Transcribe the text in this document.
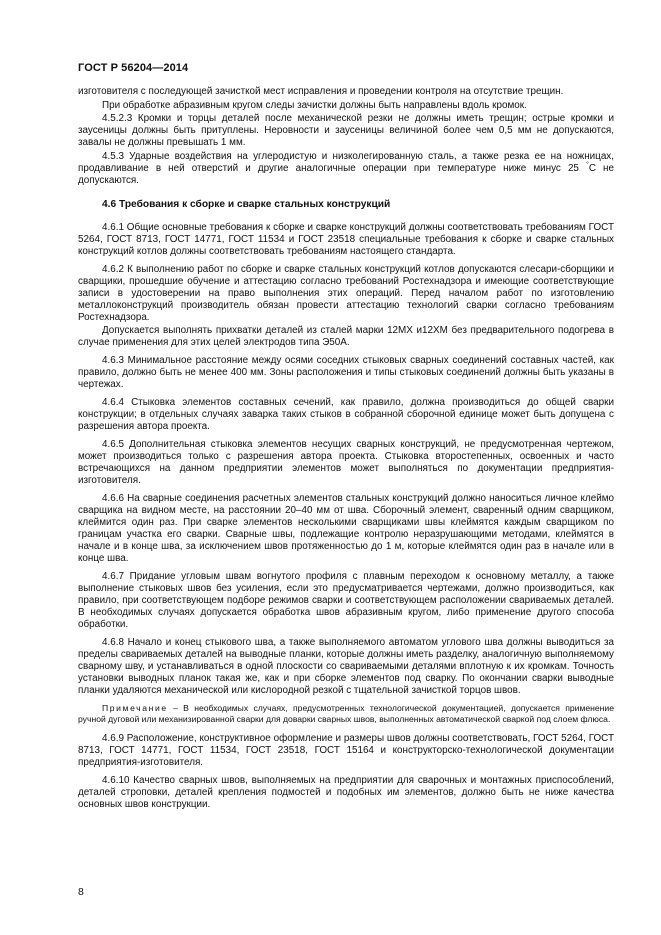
ГОСТ Р 56204—2014

изготовителя с последующей зачисткой мест исправления и проведении контроля на отсутствие трещин.

При обработке абразивным кругом следы зачистки должны быть направлены вдоль кромок.

4.5.2.3 Кромки и торцы деталей после механической резки не должны иметь трещин; острые кромки и заусеницы должны быть притуплены. Неровности и заусеницы величиной более чем 0,5 мм не допускаются, завалы не должны превышать 1 мм.

4.5.3 Ударные воздействия на углеродистую и низколегированную сталь, а также резка ее на ножницах, продавливание в ней отверстий и другие аналогичные операции при температуре ниже минус 25 °С не допускаются.

4.6 Требования к сборке и сварке стальных конструкций

4.6.1 Общие основные требования к сборке и сварке конструкций должны соответствовать требованиям ГОСТ 5264, ГОСТ 8713, ГОСТ 14771, ГОСТ 11534 и ГОСТ 23518 специальные требования к сборке и сварке стальных конструкций котлов должны соответствовать требованиям настоящего стандарта.

4.6.2 К выполнению работ по сборке и сварке стальных конструкций котлов допускаются слесари-сборщики и сварщики, прошедшие обучение и аттестацию согласно требований Ростехнадзора и имеющие соответствующие записи в удостоверении на право выполнения этих операций. Перед началом работ по изготовлению металлоконструкций производитель обязан провести аттестацию технологий сварки согласно требованиям Ростехнадзора.

Допускается выполнять прихватки деталей из сталей марки 12МХ и12ХМ без предварительного подогрева в случае применения для этих целей электродов типа Э50А.

4.6.3 Минимальное расстояние между осями соседних стыковых сварных соединений составных частей, как правило, должно быть не менее 400 мм. Зоны расположения и типы стыковых соединений должны быть указаны в чертежах.

4.6.4 Стыковка элементов составных сечений, как правило, должна производиться до общей сварки конструкции; в отдельных случаях заварка таких стыков в собранной сборочной единице может быть допущена с разрешения автора проекта.

4.6.5 Дополнительная стыковка элементов несущих сварных конструкций, не предусмотренная чертежом, может производиться только с разрешения автора проекта. Стыковка второстепенных, освоенных и часто встречающихся на данном предприятии элементов может выполняться по документации предприятия-изготовителя.

4.6.6 На сварные соединения расчетных элементов стальных конструкций должно наноситься личное клеймо сварщика на видном месте, на расстоянии 20–40 мм от шва. Сборочный элемент, сваренный одним сварщиком, клеймится один раз. При сварке элементов несколькими сварщиками швы клеймятся каждым сварщиком по границам участка его сварки. Сварные швы, подлежащие контролю неразрушающими методами, клеймятся в начале и в конце шва, за исключением швов протяженностью до 1 м, которые клеймятся один раз в начале или в конце шва.

4.6.7 Придание угловым швам вогнутого профиля с плавным переходом к основному металлу, а также выполнение стыковых швов без усиления, если это предусматривается чертежами, должно производиться, как правило, при соответствующем подборе режимов сварки и соответствующем расположении свариваемых деталей. В необходимых случаях допускается обработка швов абразивным кругом, либо применение другого способа обработки.

4.6.8 Начало и конец стыкового шва, а также выполняемого автоматом углового шва должны выводиться за пределы свариваемых деталей на выводные планки, которые должны иметь разделку, аналогичную выполняемому сварному шву, и устанавливаться в одной плоскости со свариваемыми деталями вплотную к их кромкам. Точность установки выводных планок такая же, как и при сборке элементов под сварку. По окончании сварки выводные планки удаляются механической или кислородной резкой с тщательной зачисткой торцов швов.

Примечание – В необходимых случаях, предусмотренных технологической документацией, допускается применение ручной дуговой или механизированной сварки для доварки сварных швов, выполненных автоматической сваркой под слоем флюса.

4.6.9 Расположение, конструктивное оформление и размеры швов должны соответствовать, ГОСТ 5264, ГОСТ 8713, ГОСТ 14771, ГОСТ 11534, ГОСТ 23518, ГОСТ 15164 и конструкторско-технологической документации предприятия-изготовителя.

4.6.10 Качество сварных швов, выполняемых на предприятии для сварочных и монтажных приспособлений, деталей строповки, деталей крепления подмостей и подобных им элементов, должно быть не ниже качества основных швов конструкции.

8
